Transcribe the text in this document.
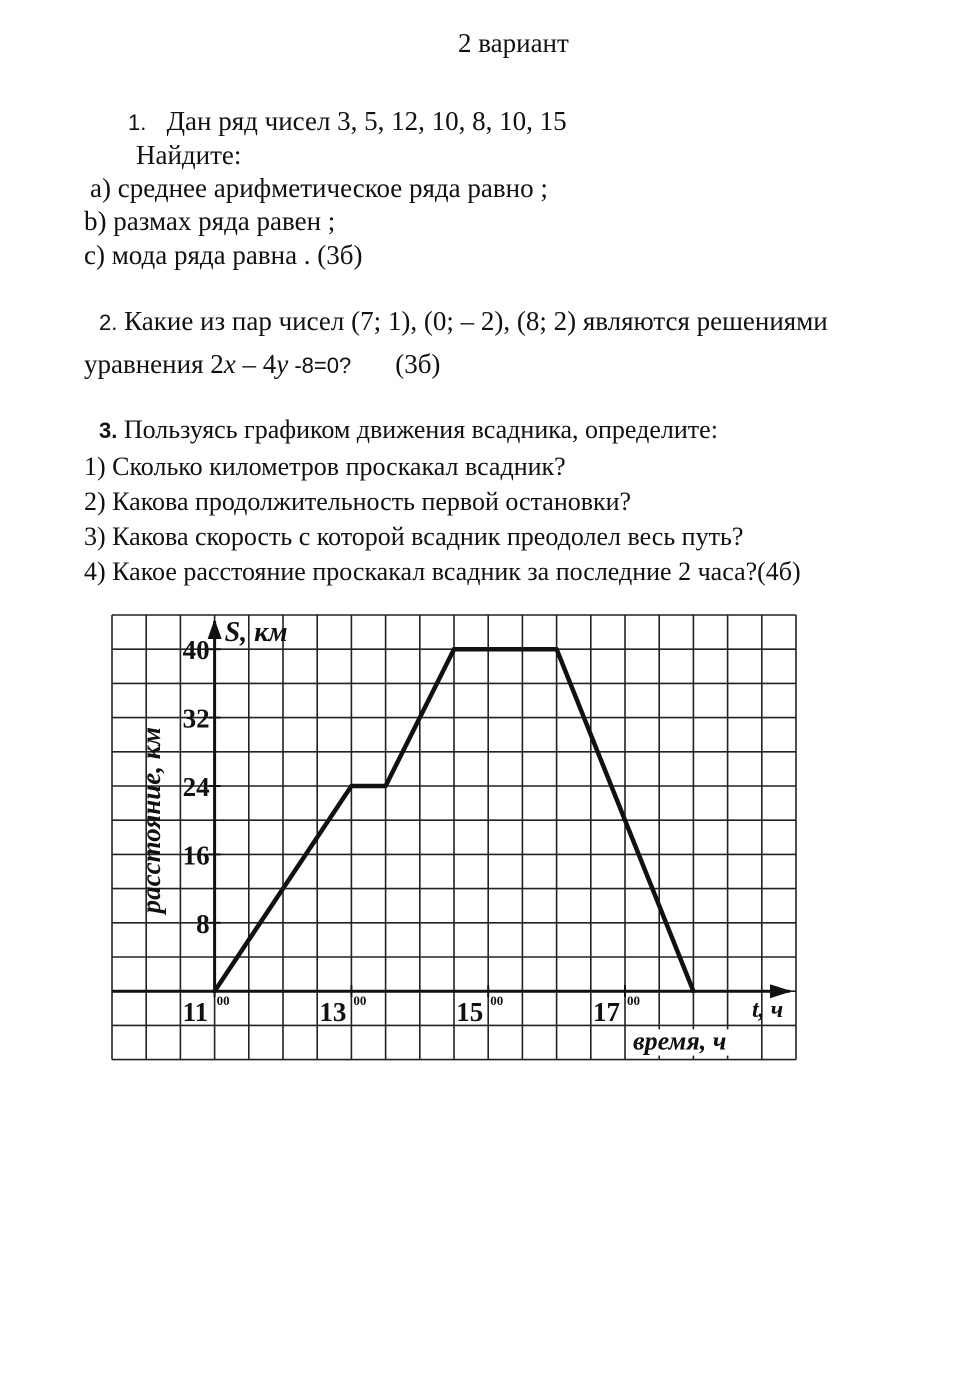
2 вариант
1. Дан ряд чисел 3, 5, 12, 10, 8, 10, 15
Найдите:
а) среднее арифметическое ряда равно ;
b) размах ряда равен ;
с) мода ряда равна . (3б)
2. Какие из пар чисел (7; 1), (0; – 2), (8; 2) являются решениями
уравнения 2x – 4y -8=0? (3б)
3. Пользуясь графиком движения всадника, определите:
1) Сколько километров проскакал всадник?
2) Какова продолжительность первой остановки?
3) Какова скорость с которой всадник преодолел весь путь?
4) Какое расстояние проскакал всадник за последние 2 часа?(4б)
8
16
24
32
40
11 00	13 00	15 00	17 00
S, км
расстояние, км
время, ч
t, ч
